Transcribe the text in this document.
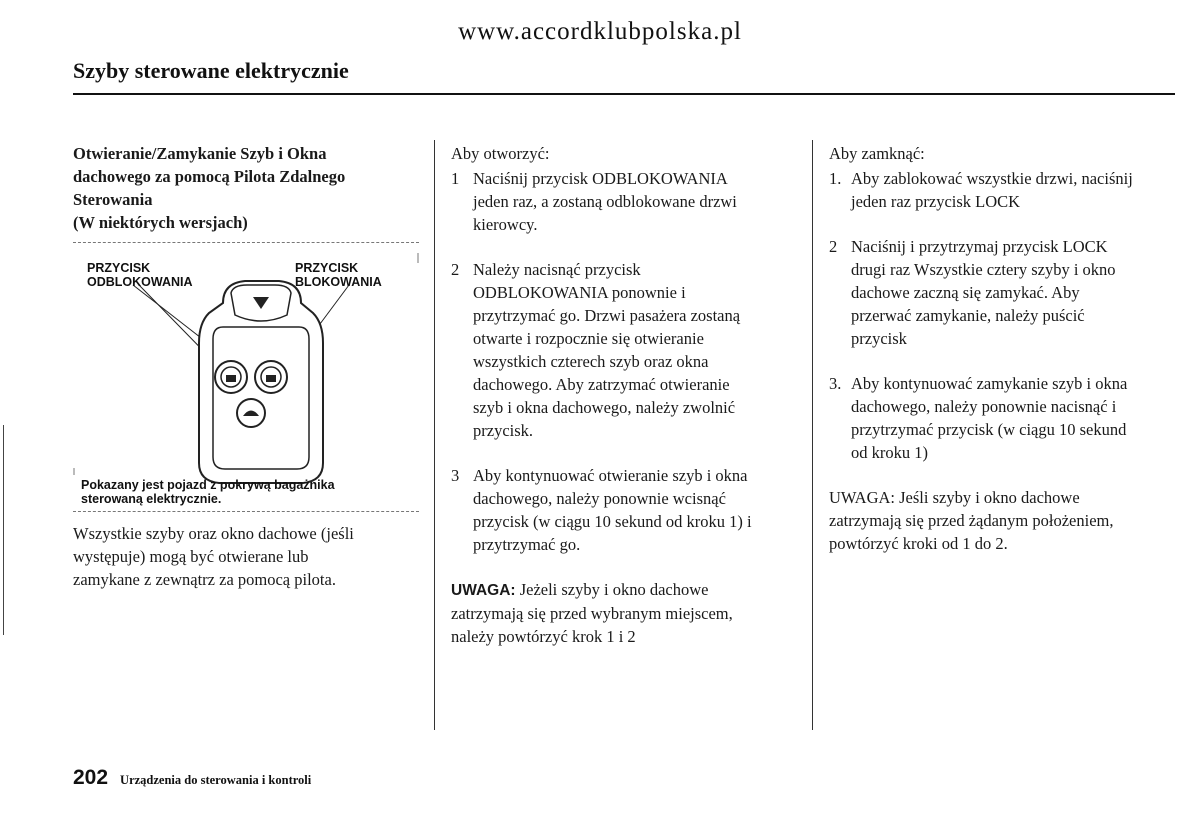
www.accordklubpolska.pl
Szyby sterowane elektrycznie
Otwieranie/Zamykanie Szyb i Okna
dachowego za pomocą Pilota Zdalnego
Sterowania
(W niektórych wersjach)
PRZYCISK
ODBLOKOWANIA
PRZYCISK
BLOKOWANIA
Pokazany jest pojazd z pokrywą bagażnika
sterowaną elektrycznie.
Wszystkie szyby oraz okno dachowe (jeśli
występuje) mogą być otwierane lub
zamykane z zewnątrz za pomocą pilota.
Aby otworzyć:
1 Naciśnij przycisk ODBLOKOWANIA
jeden raz, a zostaną odblokowane drzwi
kierowcy.
2 Należy nacisnąć przycisk
ODBLOKOWANIA ponownie i
przytrzymać go. Drzwi pasażera zostaną
otwarte i rozpocznie się otwieranie
wszystkich czterech szyb oraz okna
dachowego. Aby zatrzymać otwieranie
szyb i okna dachowego, należy zwolnić
przycisk.
3 Aby kontynuować otwieranie szyb i okna
dachowego, należy ponownie wcisnąć
przycisk (w ciągu 10 sekund od kroku 1) i
przytrzymać go.
UWAGA: Jeżeli szyby i okno dachowe
zatrzymają się przed wybranym miejscem,
należy powtórzyć krok 1 i 2
Aby zamknąć:
1. Aby zablokować wszystkie drzwi, naciśnij
jeden raz przycisk LOCK
2 Naciśnij i przytrzymaj przycisk LOCK
drugi raz Wszystkie cztery szyby i okno
dachowe zaczną się zamykać. Aby
przerwać zamykanie, należy puścić
przycisk
3. Aby kontynuować zamykanie szyb i okna
dachowego, należy ponownie nacisnąć i
przytrzymać przycisk (w ciągu 10 sekund
od kroku 1)
UWAGA: Jeśli szyby i okno dachowe
zatrzymają się przed żądanym położeniem,
powtórzyć kroki od 1 do 2.
202 Urządzenia do sterowania i kontroli
